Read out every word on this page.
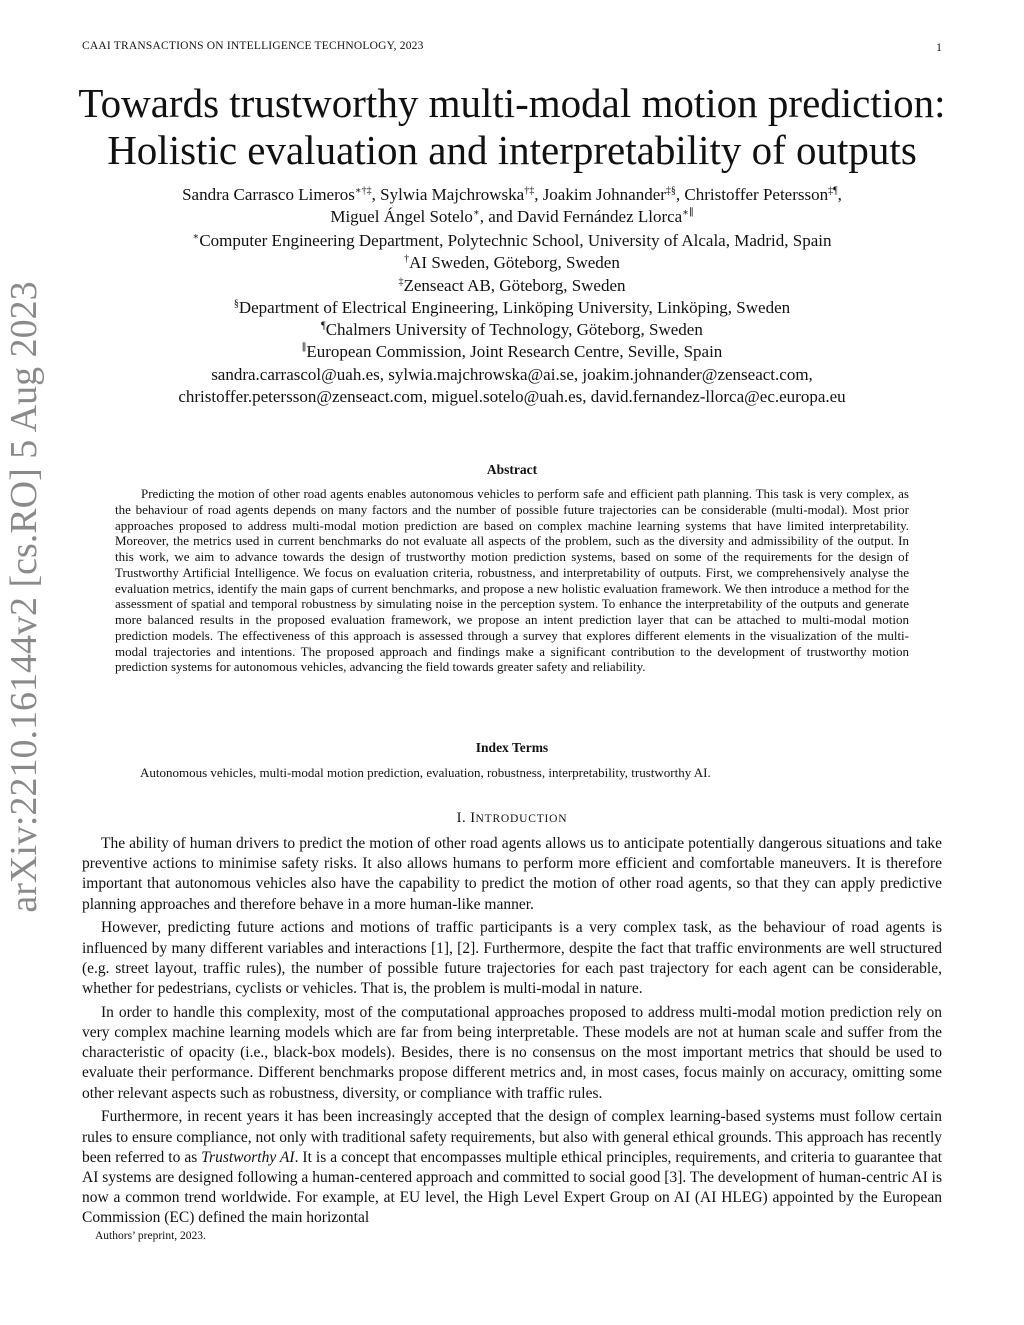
CAAI TRANSACTIONS ON INTELLIGENCE TECHNOLOGY, 2023	1
arXiv:2210.16144v2 [cs.RO] 5 Aug 2023
Towards trustworthy multi-modal motion prediction:
Holistic evaluation and interpretability of outputs
Sandra Carrasco Limeros∗†‡, Sylwia Majchrowska†‡, Joakim Johnander‡§, Christoffer Petersson‡¶,
Miguel Ángel Sotelo∗, and David Fernández Llorca∗∥
∗Computer Engineering Department, Polytechnic School, University of Alcala, Madrid, Spain
†AI Sweden, Göteborg, Sweden
‡Zenseact AB, Göteborg, Sweden
§Department of Electrical Engineering, Linköping University, Linköping, Sweden
¶Chalmers University of Technology, Göteborg, Sweden
∥European Commission, Joint Research Centre, Seville, Spain
sandra.carrascol@uah.es, sylwia.majchrowska@ai.se, joakim.johnander@zenseact.com,
christoffer.petersson@zenseact.com, miguel.sotelo@uah.es, david.fernandez-llorca@ec.europa.eu
Abstract
Predicting the motion of other road agents enables autonomous vehicles to perform safe and efficient path planning. This task is very complex, as the behaviour of road agents depends on many factors and the number of possible future trajectories can be considerable (multi-modal). Most prior approaches proposed to address multi-modal motion prediction are based on complex machine learning systems that have limited interpretability. Moreover, the metrics used in current benchmarks do not evaluate all aspects of the problem, such as the diversity and admissibility of the output. In this work, we aim to advance towards the design of trustworthy motion prediction systems, based on some of the requirements for the design of Trustworthy Artificial Intelligence. We focus on evaluation criteria, robustness, and interpretability of outputs. First, we comprehensively analyse the evaluation metrics, identify the main gaps of current benchmarks, and propose a new holistic evaluation framework. We then introduce a method for the assessment of spatial and temporal robustness by simulating noise in the perception system. To enhance the interpretability of the outputs and generate more balanced results in the proposed evaluation framework, we propose an intent prediction layer that can be attached to multi-modal motion prediction models. The effectiveness of this approach is assessed through a survey that explores different elements in the visualization of the multi-modal trajectories and intentions. The proposed approach and findings make a significant contribution to the development of trustworthy motion prediction systems for autonomous vehicles, advancing the field towards greater safety and reliability.
Index Terms
Autonomous vehicles, multi-modal motion prediction, evaluation, robustness, interpretability, trustworthy AI.
I. INTRODUCTION

The ability of human drivers to predict the motion of other road agents allows us to anticipate potentially dangerous situations and take preventive actions to minimise safety risks. It also allows humans to perform more efficient and comfortable maneuvers. It is therefore important that autonomous vehicles also have the capability to predict the motion of other road agents, so that they can apply predictive planning approaches and therefore behave in a more human-like manner.

However, predicting future actions and motions of traffic participants is a very complex task, as the behaviour of road agents is influenced by many different variables and interactions [1], [2]. Furthermore, despite the fact that traffic environments are well structured (e.g. street layout, traffic rules), the number of possible future trajectories for each past trajectory for each agent can be considerable, whether for pedestrians, cyclists or vehicles. That is, the problem is multi-modal in nature.

In order to handle this complexity, most of the computational approaches proposed to address multi-modal motion prediction rely on very complex machine learning models which are far from being interpretable. These models are not at human scale and suffer from the characteristic of opacity (i.e., black-box models). Besides, there is no consensus on the most important metrics that should be used to evaluate their performance. Different benchmarks propose different metrics and, in most cases, focus mainly on accuracy, omitting some other relevant aspects such as robustness, diversity, or compliance with traffic rules.

Furthermore, in recent years it has been increasingly accepted that the design of complex learning-based systems must follow certain rules to ensure compliance, not only with traditional safety requirements, but also with general ethical grounds. This approach has recently been referred to as Trustworthy AI. It is a concept that encompasses multiple ethical principles, requirements, and criteria to guarantee that AI systems are designed following a human-centered approach and committed to social good [3]. The development of human-centric AI is now a common trend worldwide. For example, at EU level, the High Level Expert Group on AI (AI HLEG) appointed by the European Commission (EC) defined the main horizontal

Authors’ preprint, 2023.
